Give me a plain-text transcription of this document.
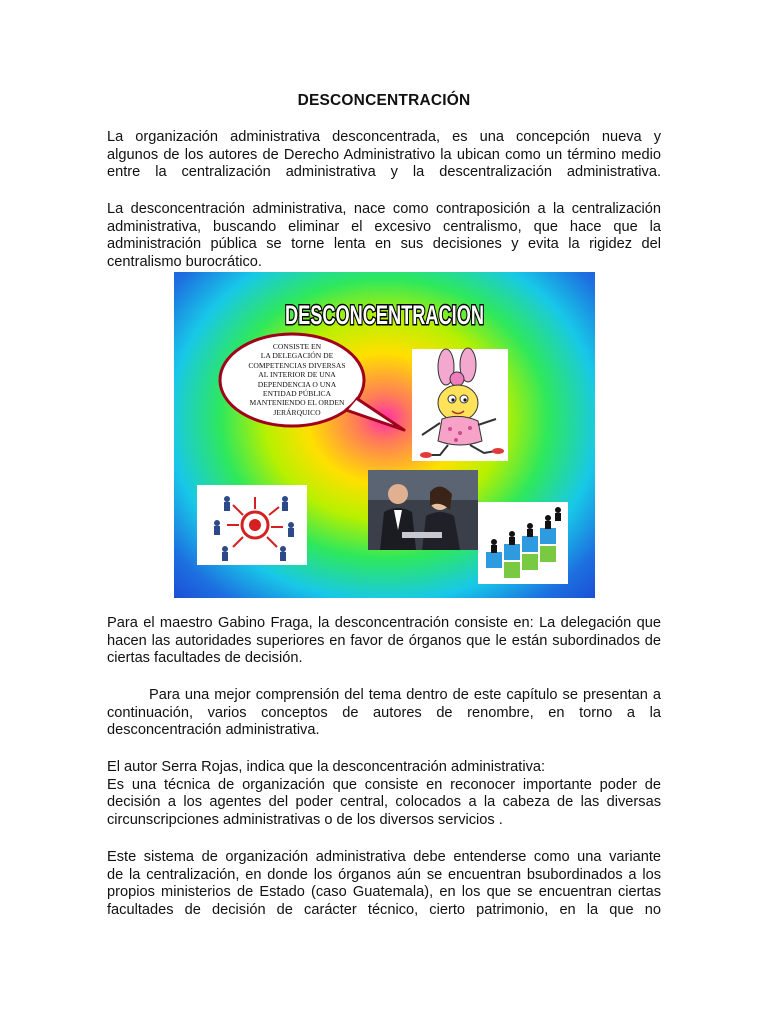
DESCONCENTRACIÓN

La organización administrativa desconcentrada, es una concepción nueva y
algunos de los autores de Derecho Administrativo la ubican como un término medio
entre la centralización administrativa y la descentralización administrativa.

La desconcentración administrativa, nace como contraposición a la centralización
administrativa, buscando eliminar el excesivo centralismo, que hace que la
administración pública se torne lenta en sus decisiones y evita la rigidez del
centralismo burocrático.

DESCONCENTRACION
CONSISTE EN
LA DELEGACIÓN DE
COMPETENCIAS DIVERSAS
AL INTERIOR DE UNA
DEPENDENCIA O UNA
ENTIDAD PÚBLICA
MANTENIENDO EL ORDEN
JERÁRQUICO

Para el maestro Gabino Fraga, la desconcentración consiste en: La delegación que
hacen las autoridades superiores en favor de órganos que le están subordinados de
ciertas facultades de decisión.

Para una mejor comprensión del tema dentro de este capítulo se presentan a
continuación, varios conceptos de autores de renombre, en torno a la
desconcentración administrativa.

El autor Serra Rojas, indica que la desconcentración administrativa:
Es una técnica de organización que consiste en reconocer importante poder de
decisión a los agentes del poder central, colocados a la cabeza de las diversas
circunscripciones administrativas o de los diversos servicios .

Este sistema de organización administrativa debe entenderse como una variante
de la centralización, en donde los órganos aún se encuentran bsubordinados a los
propios ministerios de Estado (caso Guatemala), en los que se encuentran ciertas
facultades de decisión de carácter técnico, cierto patrimonio, en la que no
